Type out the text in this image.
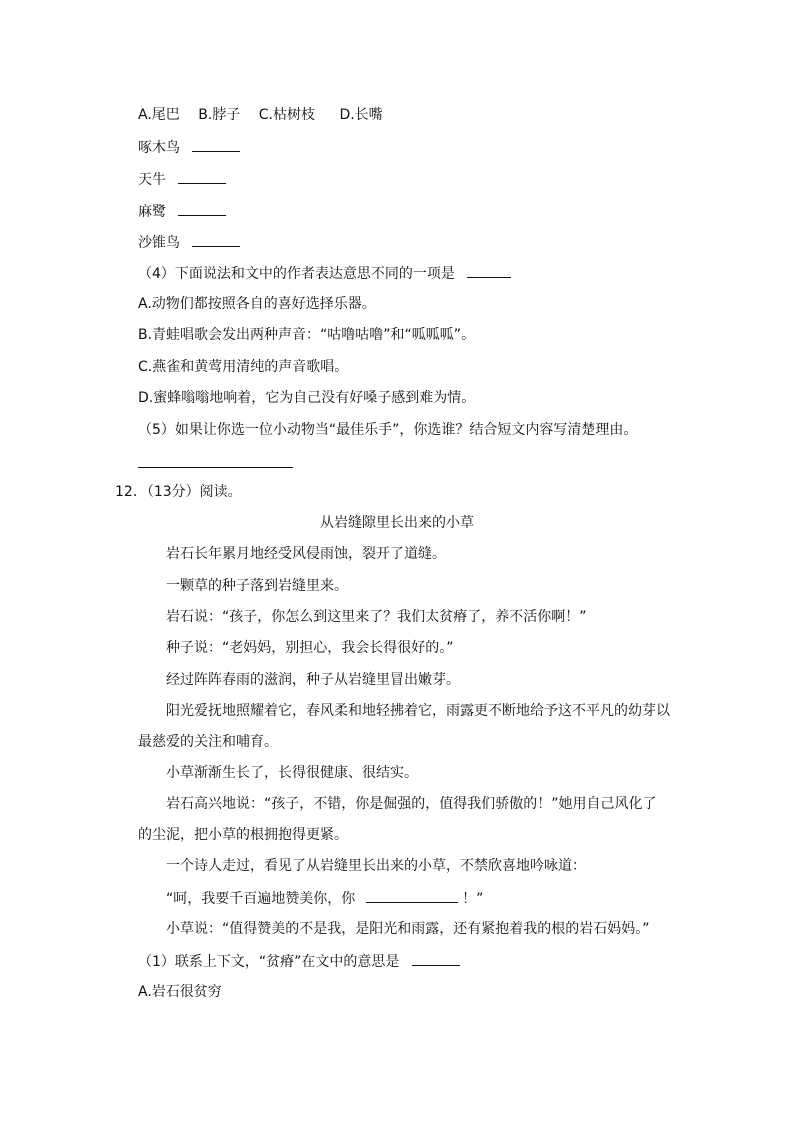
A.尾巴 B.脖子 C.枯树枝 D.长嘴
啄木鸟
天牛
麻鹭
沙锥鸟
（4）下面说法和文中的作者表达意思不同的一项是
A.动物们都按照各自的喜好选择乐器。
B.青蛙唱歌会发出两种声音：“咕噜咕噜”和“呱呱呱”。
C.燕雀和黄莺用清纯的声音歌唱。
D.蜜蜂嗡嗡地响着，它为自己没有好嗓子感到难为情。
（5）如果让你选一位小动物当“最佳乐手”，你选谁？结合短文内容写清楚理由。
12．（13分）阅读。
从岩缝隙里长出来的小草
岩石长年累月地经受风侵雨蚀，裂开了道缝。
一颗草的种子落到岩缝里来。
岩石说：“孩子，你怎么到这里来了？我们太贫瘠了，养不活你啊！”
种子说：“老妈妈，别担心，我会长得很好的。”
经过阵阵春雨的滋润，种子从岩缝里冒出嫩芽。
阳光爱抚地照耀着它，春风柔和地轻拂着它，雨露更不断地给予这不平凡的幼芽以
最慈爱的关注和哺育。
小草渐渐生长了，长得很健康、很结实。
岩石高兴地说：“孩子，不错，你是倔强的，值得我们骄傲的！”她用自己风化了
的尘泥，把小草的根拥抱得更紧。
一个诗人走过，看见了从岩缝里长出来的小草，不禁欣喜地吟咏道：
“呵，我要千百遍地赞美你，你	！”
小草说：“值得赞美的不是我，是阳光和雨露，还有紧抱着我的根的岩石妈妈。”
（1）联系上下文，“贫瘠”在文中的意思是
A.岩石很贫穷
